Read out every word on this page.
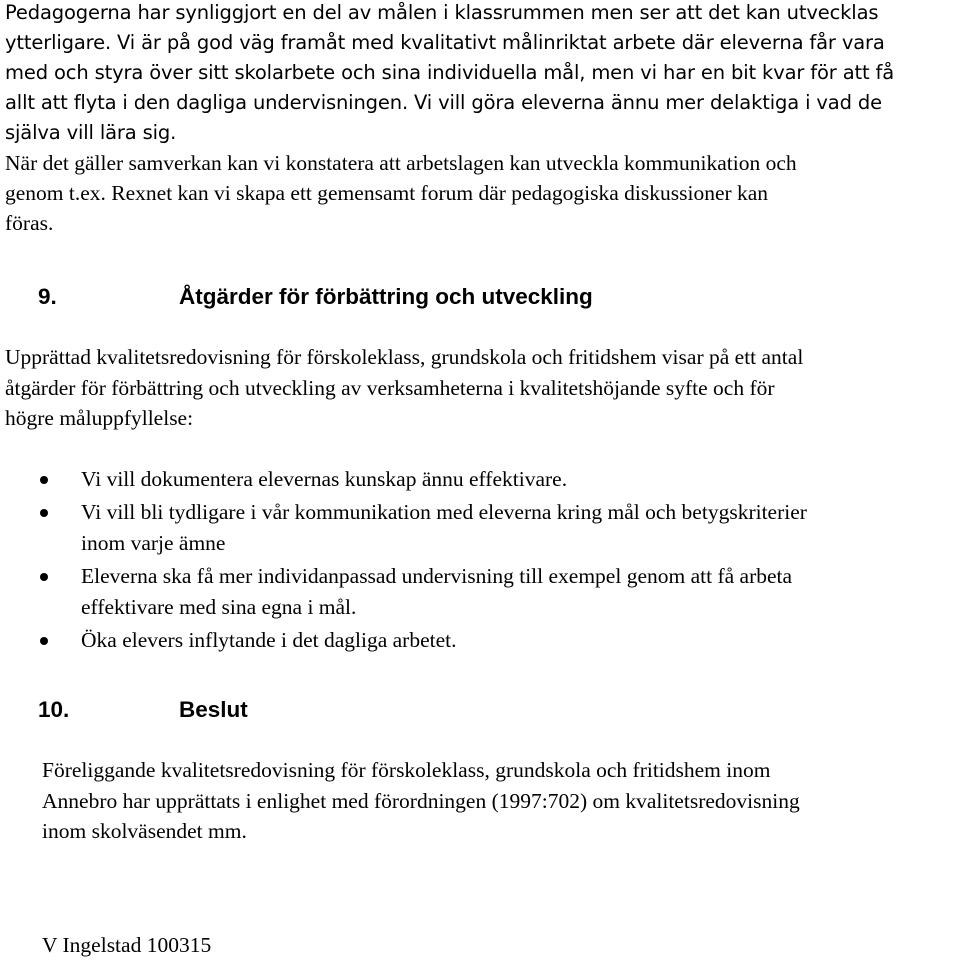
Pedagogerna har synliggjort en del av målen i klassrummen men ser att det kan utvecklas

ytterligare. Vi är på god väg framåt med kvalitativt målinriktat arbete där eleverna får vara

med och styra över sitt skolarbete och sina individuella mål, men vi har en bit kvar för att få

allt att flyta i den dagliga undervisningen. Vi vill göra eleverna ännu mer delaktiga i vad de

själva vill lära sig.

När det gäller samverkan kan vi konstatera att arbetslagen kan utveckla kommunikation och

genom t.ex. Rexnet kan vi skapa ett gemensamt forum där pedagogiska diskussioner kan

föras.

9.	Åtgärder för förbättring och utveckling

Upprättad kvalitetsredovisning för förskoleklass, grundskola och fritidshem visar på ett antal

åtgärder för förbättring och utveckling av verksamheterna i kvalitetshöjande syfte och för

högre måluppfyllelse:

Vi vill dokumentera elevernas kunskap ännu effektivare.
Vi vill bli tydligare i vår kommunikation med eleverna kring mål och betygskriterier
inom varje ämne
Eleverna ska få mer individanpassad undervisning till exempel genom att få arbeta
effektivare med sina egna i mål.
Öka elevers inflytande i det dagliga arbetet.
10.	Beslut

Föreliggande kvalitetsredovisning för förskoleklass, grundskola och fritidshem inom

Annebro har upprättats i enlighet med förordningen (1997:702) om kvalitetsredovisning

inom skolväsendet mm.

V Ingelstad 100315
